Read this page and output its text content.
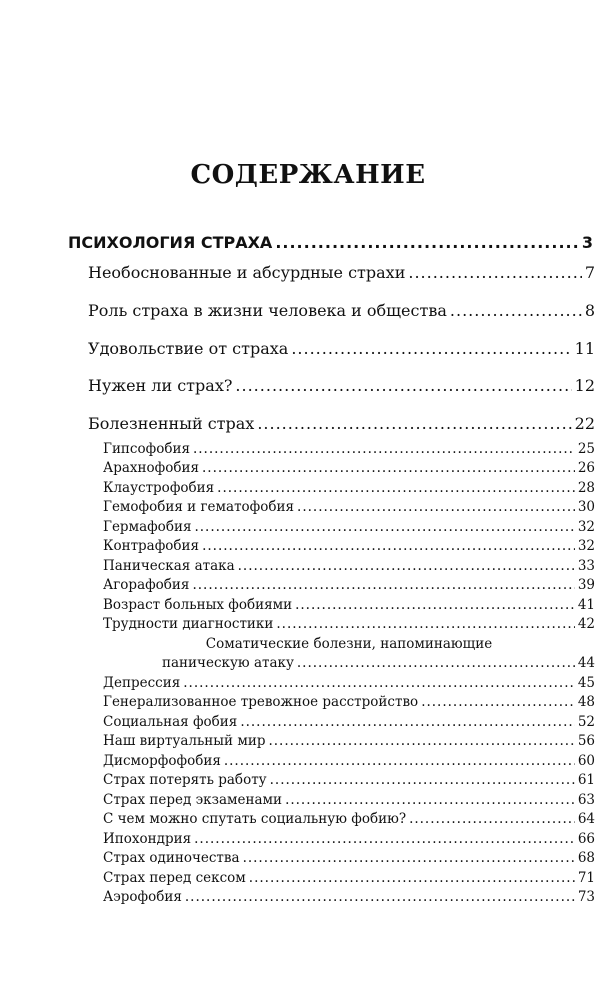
СОДЕРЖАНИЕ
ПСИХОЛОГИЯ СТРАХА .....	3
Необоснованные и абсурдные страхи .....	7
Роль страха в жизни человека и общества .....	8
Удовольствие от страха .....	11
Нужен ли страх? .....	12
Болезненный страх .....	22
Гипсофобия .....	25
Арахнофобия .....	26
Клаустрофобия .....	28
Гемофобия и гематофобия .....	30
Гермафобия .....	32
Контрафобия .....	32
Паническая атака .....	33
Агорафобия .....	39
Возраст больных фобиями .....	41
Трудности диагностики .....	42
Соматические болезни, напоминающие
паническую атаку .....	44
Депрессия .....	45
Генерализованное тревожное расстройство .....	48
Социальная фобия .....	52
Наш виртуальный мир .....	56
Дисморфофобия .....	60
Страх потерять работу .....	61
Страх перед экзаменами .....	63
С чем можно спутать социальную фобию? .....	64
Ипохондрия .....	66
Страх одиночества .....	68
Страх перед сексом .....	71
Аэрофобия .....	73
